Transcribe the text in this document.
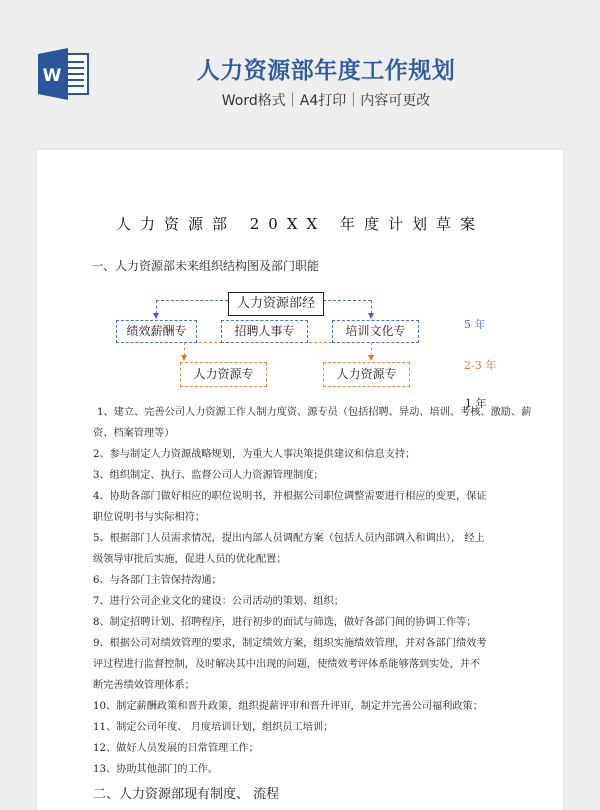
W	人力资源部年度工作规划
Word格式｜A4打印｜内容可更改
人力资源部 20XX 年度计划草案
一、人力资源部未来组织结构图及部门职能
人力资源部经
绩效薪酬专	招聘人事专	培训文化专
人力资源专	人力资源专
5 年
2-3 年
1 年
1、建立、完善公司人力资源工作人制力度资、源专员（包括招聘、异动、培训、考核、激励、薪
资、档案管理等）
2、参与制定人力资源战略规划，为重大人事决策提供建议和信息支持；
3、组织制定、执行、监督公司人力资源管理制度；
4、协助各部门做好相应的职位说明书，并根据公司职位调整需要进行相应的变更，保证
职位说明书与实际相符；
5、根据部门人员需求情况，提出内部人员调配方案（包括人员内部调入和调出）， 经上
级领导审批后实施，促进人员的优化配置；
6、与各部门主管保持沟通；
7、进行公司企业文化的建设：公司活动的策划、组织；
8、制定招聘计划、招聘程序，进行初步的面试与筛选，做好各部门间的协调工作等；
9、根据公司对绩效管理的要求，制定绩效方案，组织实施绩效管理，并对各部门绩效考
评过程进行监督控制，及时解决其中出现的问题，使绩效考评体系能够落到实处，并不
断完善绩效管理体系；
10、制定薪酬政策和晋升政策，组织提薪评审和晋升评审，制定并完善公司福利政策；
11、制定公司年度、 月度培训计划，组织员工培训；
12、做好人员发展的日常管理工作；
13、协助其他部门的工作。
二、人力资源部现有制度、 流程
